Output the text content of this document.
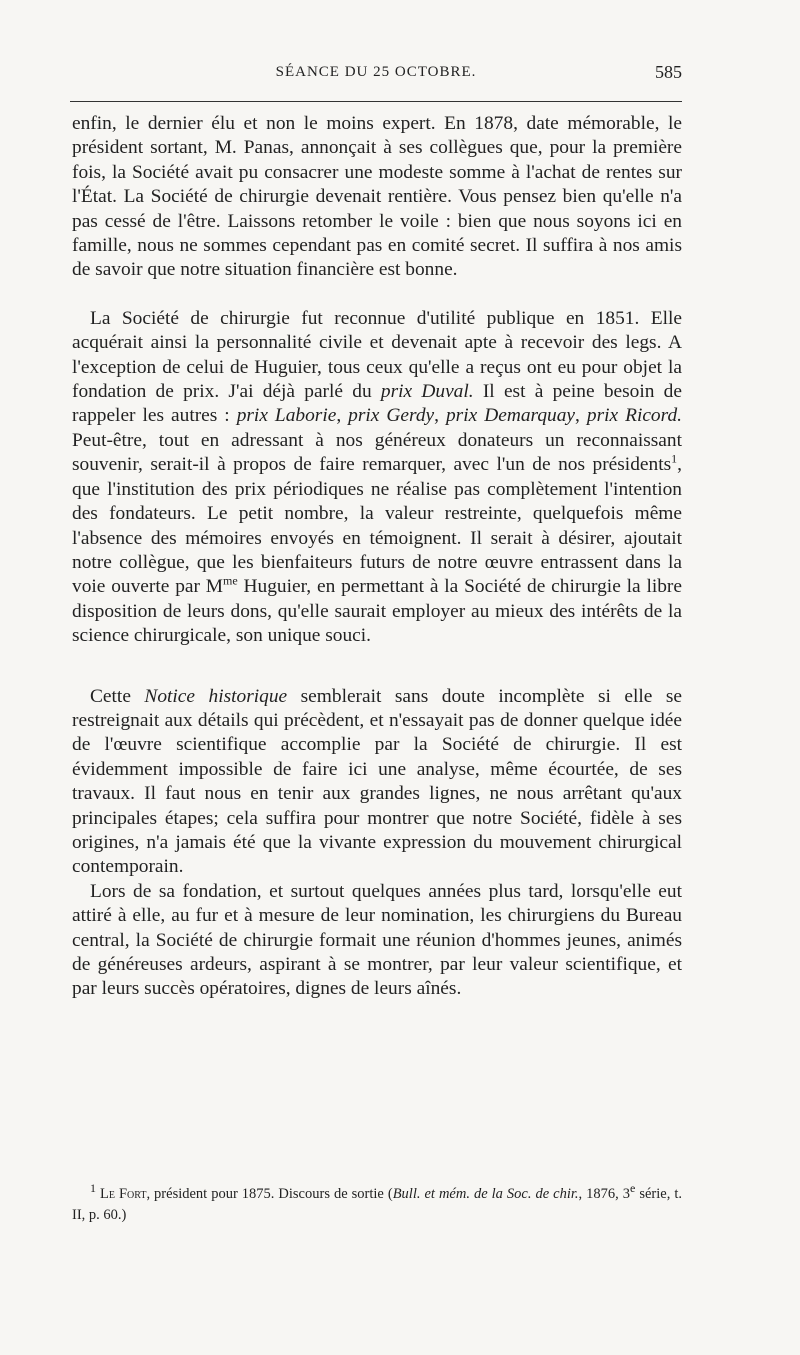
SÉANCE DU 25 OCTOBRE.	585

enfin, le dernier élu et non le moins expert. En 1878, date mémorable, le président sortant, M. Panas, annonçait à ses collègues que, pour la première fois, la Société avait pu consacrer une modeste somme à l'achat de rentes sur l'État. La Société de chirurgie devenait rentière. Vous pensez bien qu'elle n'a pas cessé de l'être. Laissons retomber le voile : bien que nous soyons ici en famille, nous ne sommes cependant pas en comité secret. Il suffira à nos amis de savoir que notre situation financière est bonne.

La Société de chirurgie fut reconnue d'utilité publique en 1851. Elle acquérait ainsi la personnalité civile et devenait apte à recevoir des legs. A l'exception de celui de Huguier, tous ceux qu'elle a reçus ont eu pour objet la fondation de prix. J'ai déjà parlé du prix Duval. Il est à peine besoin de rappeler les autres : prix Laborie, prix Gerdy, prix Demarquay, prix Ricord. Peut-être, tout en adressant à nos généreux donateurs un reconnaissant souvenir, serait-il à propos de faire remarquer, avec l'un de nos présidents$^1$, que l'institution des prix périodiques ne réalise pas complètement l'intention des fondateurs. Le petit nombre, la valeur restreinte, quelquefois même l'absence des mémoires envoyés en témoignent. Il serait à désirer, ajoutait notre collègue, que les bienfaiteurs futurs de notre œuvre entrassent dans la voie ouverte par $M^{me}$ Huguier, en permettant à la Société de chirurgie la libre disposition de leurs dons, qu'elle saurait employer au mieux des intérêts de la science chirurgicale, son unique souci.

Cette Notice historique semblerait sans doute incomplète si elle se restreignait aux détails qui précèdent, et n'essayait pas de donner quelque idée de l'œuvre scientifique accomplie par la Société de chirurgie. Il est évidemment impossible de faire ici une analyse, même écourtée, de ses travaux. Il faut nous en tenir aux grandes lignes, ne nous arrêtant qu'aux principales étapes; cela suffira pour montrer que notre Société, fidèle à ses origines, n'a jamais été que la vivante expression du mouvement chirurgical contemporain.

Lors de sa fondation, et surtout quelques années plus tard, lorsqu'elle eut attiré à elle, au fur et à mesure de leur nomination, les chirurgiens du Bureau central, la Société de chirurgie formait une réunion d'hommes jeunes, animés de généreuses ardeurs, aspirant à se montrer, par leur valeur scientifique, et par leurs succès opératoires, dignes de leurs aînés.

$^1$ Le Fort, président pour 1875. Discours de sortie (Bull. et mém. de la Soc. de chir., 1876, 3e série, t. II, p. 60.)
